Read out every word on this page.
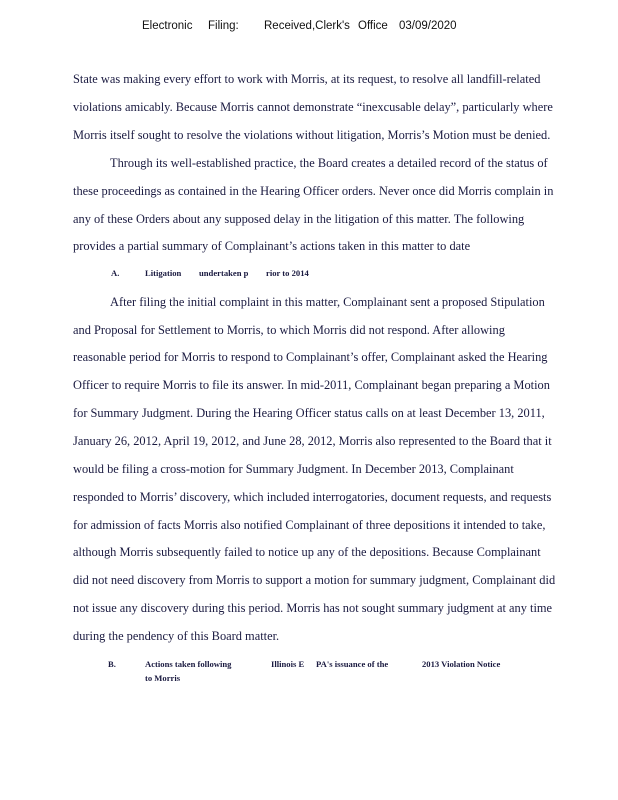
Electronic Filing: Received,Clerk's Office 03/09/2020
State was making every effort to work with Morris, at its request, to resolve all landfill-related
violations amicably. Because Morris cannot demonstrate “inexcusable delay”, particularly where
Morris itself sought to resolve the violations without litigation, Morris’s Motion must be denied.
Through its well-established practice, the Board creates a detailed record of the status of
these proceedings as contained in the Hearing Officer orders. Never once did Morris complain in
any of these Orders about any supposed delay in the litigation of this matter. The following
provides a partial summary of Complainant’s actions taken in this matter to date
A.	Litigation undertaken p rior to 2014
After filing the initial complaint in this matter, Complainant sent a proposed Stipulation
and Proposal for Settlement to Morris, to which Morris did not respond. After allowing
reasonable period for Morris to respond to Complainant’s offer, Complainant asked the Hearing
Officer to require Morris to file its answer. In mid-2011, Complainant began preparing a Motion
for Summary Judgment. During the Hearing Officer status calls on at least December 13, 2011,
January 26, 2012, April 19, 2012, and June 28, 2012, Morris also represented to the Board that it
would be filing a cross-motion for Summary Judgment. In December 2013, Complainant
responded to Morris’ discovery, which included interrogatories, document requests, and requests
for admission of facts Morris also notified Complainant of three depositions it intended to take,
although Morris subsequently failed to notice up any of the depositions. Because Complainant
did not need discovery from Morris to support a motion for summary judgment, Complainant did
not issue any discovery during this period. Morris has not sought summary judgment at any time
during the pendency of this Board matter.
B.	Actions taken following	Illinois E PA's issuance of the	2013 Violation Notice
to Morris
